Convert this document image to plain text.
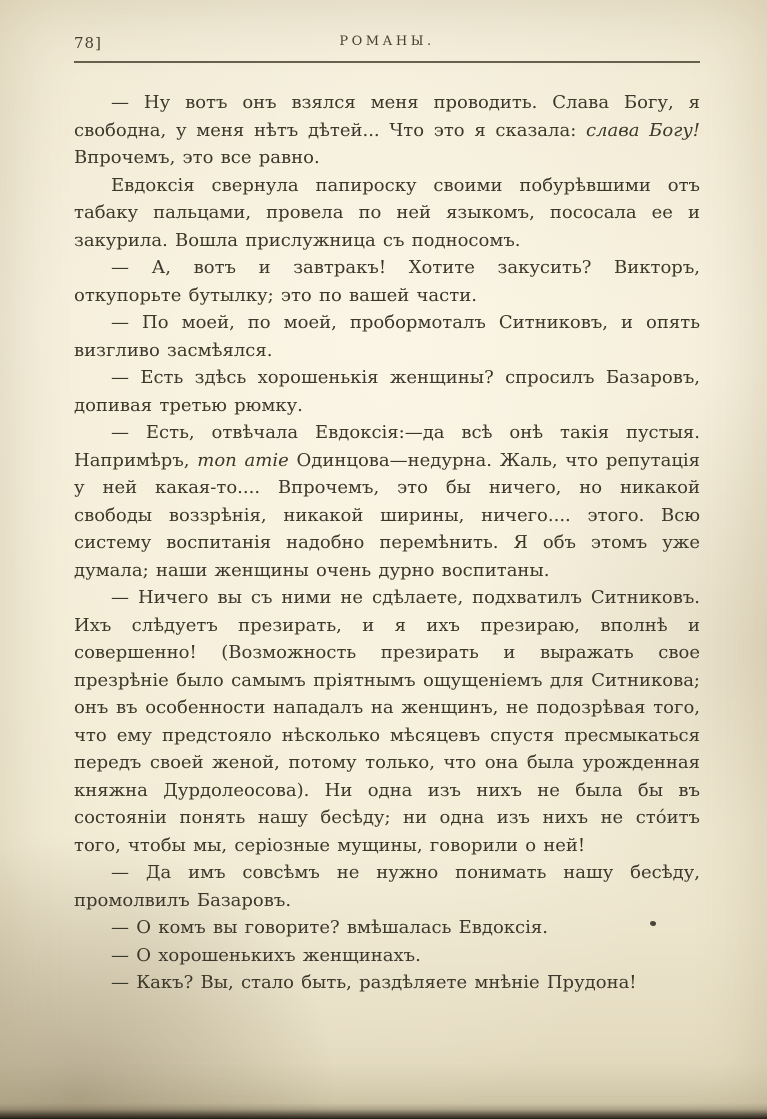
78]	РОМАНЫ.

— Ну вотъ онъ взялся меня проводить. Слава Богу, я свободна, у меня нѣтъ дѣтей... Что это я сказала: слава Богу! Впрочемъ, это все равно.

Евдоксія свернула папироску своими побурѣвшими отъ табаку пальцами, провела по ней языкомъ, пососала ее и закурила. Вошла прислужница съ подносомъ.

— А, вотъ и завтракъ! Хотите закусить? Викторъ, откупорьте бутылку; это по вашей части.

— По моей, по моей, пробормоталъ Ситниковъ, и опять визгливо засмѣялся.

— Есть здѣсь хорошенькія женщины? спросилъ Базаровъ, допивая третью рюмку.

— Есть, отвѣчала Евдоксія:—да всѣ онѣ такія пустыя. Напримѣръ, mon amie Одинцова—недурна. Жаль, что репутація у ней какая-то.... Впрочемъ, это бы ничего, но никакой свободы воззрѣнія, никакой ширины, ничего.... этого. Всю систему воспитанія надобно перемѣнить. Я объ этомъ уже думала; наши женщины очень дурно воспитаны.

— Ничего вы съ ними не сдѣлаете, подхватилъ Ситниковъ. Ихъ слѣдуетъ презирать, и я ихъ презираю, вполнѣ и совершенно! (Возможность презирать и выражать свое презрѣніе было самымъ пріятнымъ ощущеніемъ для Ситникова; онъ въ особенности нападалъ на женщинъ, не подозрѣвая того, что ему предстояло нѣсколько мѣсяцевъ спустя пресмыкаться передъ своей женой, потому только, что она была урожденная княжна Дурдолеосова). Ни одна изъ нихъ не была бы въ состояніи понять нашу бесѣду; ни одна изъ нихъ не сто́итъ того, чтобы мы, серіозные мущины, говорили о ней!

— Да имъ совсѣмъ не нужно понимать нашу бесѣду, промолвилъ Базаровъ.

— О комъ вы говорите? вмѣшалась Евдоксія.

— О хорошенькихъ женщинахъ.

— Какъ? Вы, стало быть, раздѣляете мнѣніе Прудона!
